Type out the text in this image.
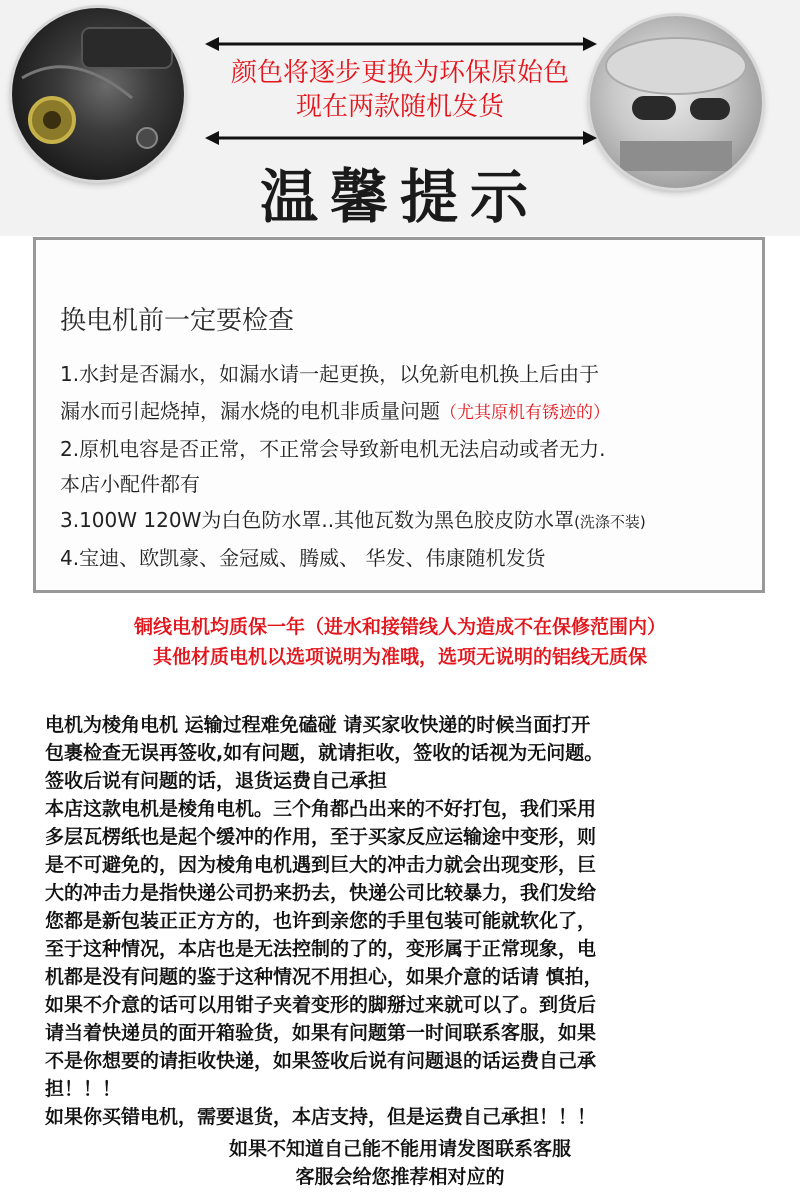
颜色将逐步更换为环保原始色
现在两款随机发货
温馨提示
换电机前一定要检查
1.水封是否漏水，如漏水请一起更换，以免新电机换上后由于
漏水而引起烧掉，漏水烧的电机非质量问题（尤其原机有锈迹的）
2.原机电容是否正常，不正常会导致新电机无法启动或者无力.
本店小配件都有
3.100W 120W为白色防水罩..其他瓦数为黑色胶皮防水罩(洗涤不装)
4.宝迪、欧凯豪、金冠威、腾威、 华发、伟康随机发货
铜线电机均质保一年（进水和接错线人为造成不在保修范围内）
其他材质电机以选项说明为准哦，选项无说明的铝线无质保
电机为棱角电机 运输过程难免磕碰 请买家收快递的时候当面打开
包裹检查无误再签收,如有问题，就请拒收，签收的话视为无问题。
签收后说有问题的话，退货运费自己承担
本店这款电机是棱角电机。三个角都凸出来的不好打包，我们采用
多层瓦楞纸也是起个缓冲的作用，至于买家反应运输途中变形，则
是不可避免的，因为棱角电机遇到巨大的冲击力就会出现变形，巨
大的冲击力是指快递公司扔来扔去，快递公司比较暴力，我们发给
您都是新包装正正方方的，也许到亲您的手里包装可能就软化了，
至于这种情况，本店也是无法控制的了的，变形属于正常现象，电
机都是没有问题的鉴于这种情况不用担心，如果介意的话请 慎拍，
如果不介意的话可以用钳子夹着变形的脚掰过来就可以了。到货后
请当着快递员的面开箱验货，如果有问题第一时间联系客服，如果
不是你想要的请拒收快递，如果签收后说有问题退的话运费自己承
担！！！
如果你买错电机，需要退货，本店支持，但是运费自己承担！！！
如果不知道自己能不能用请发图联系客服
客服会给您推荐相对应的
